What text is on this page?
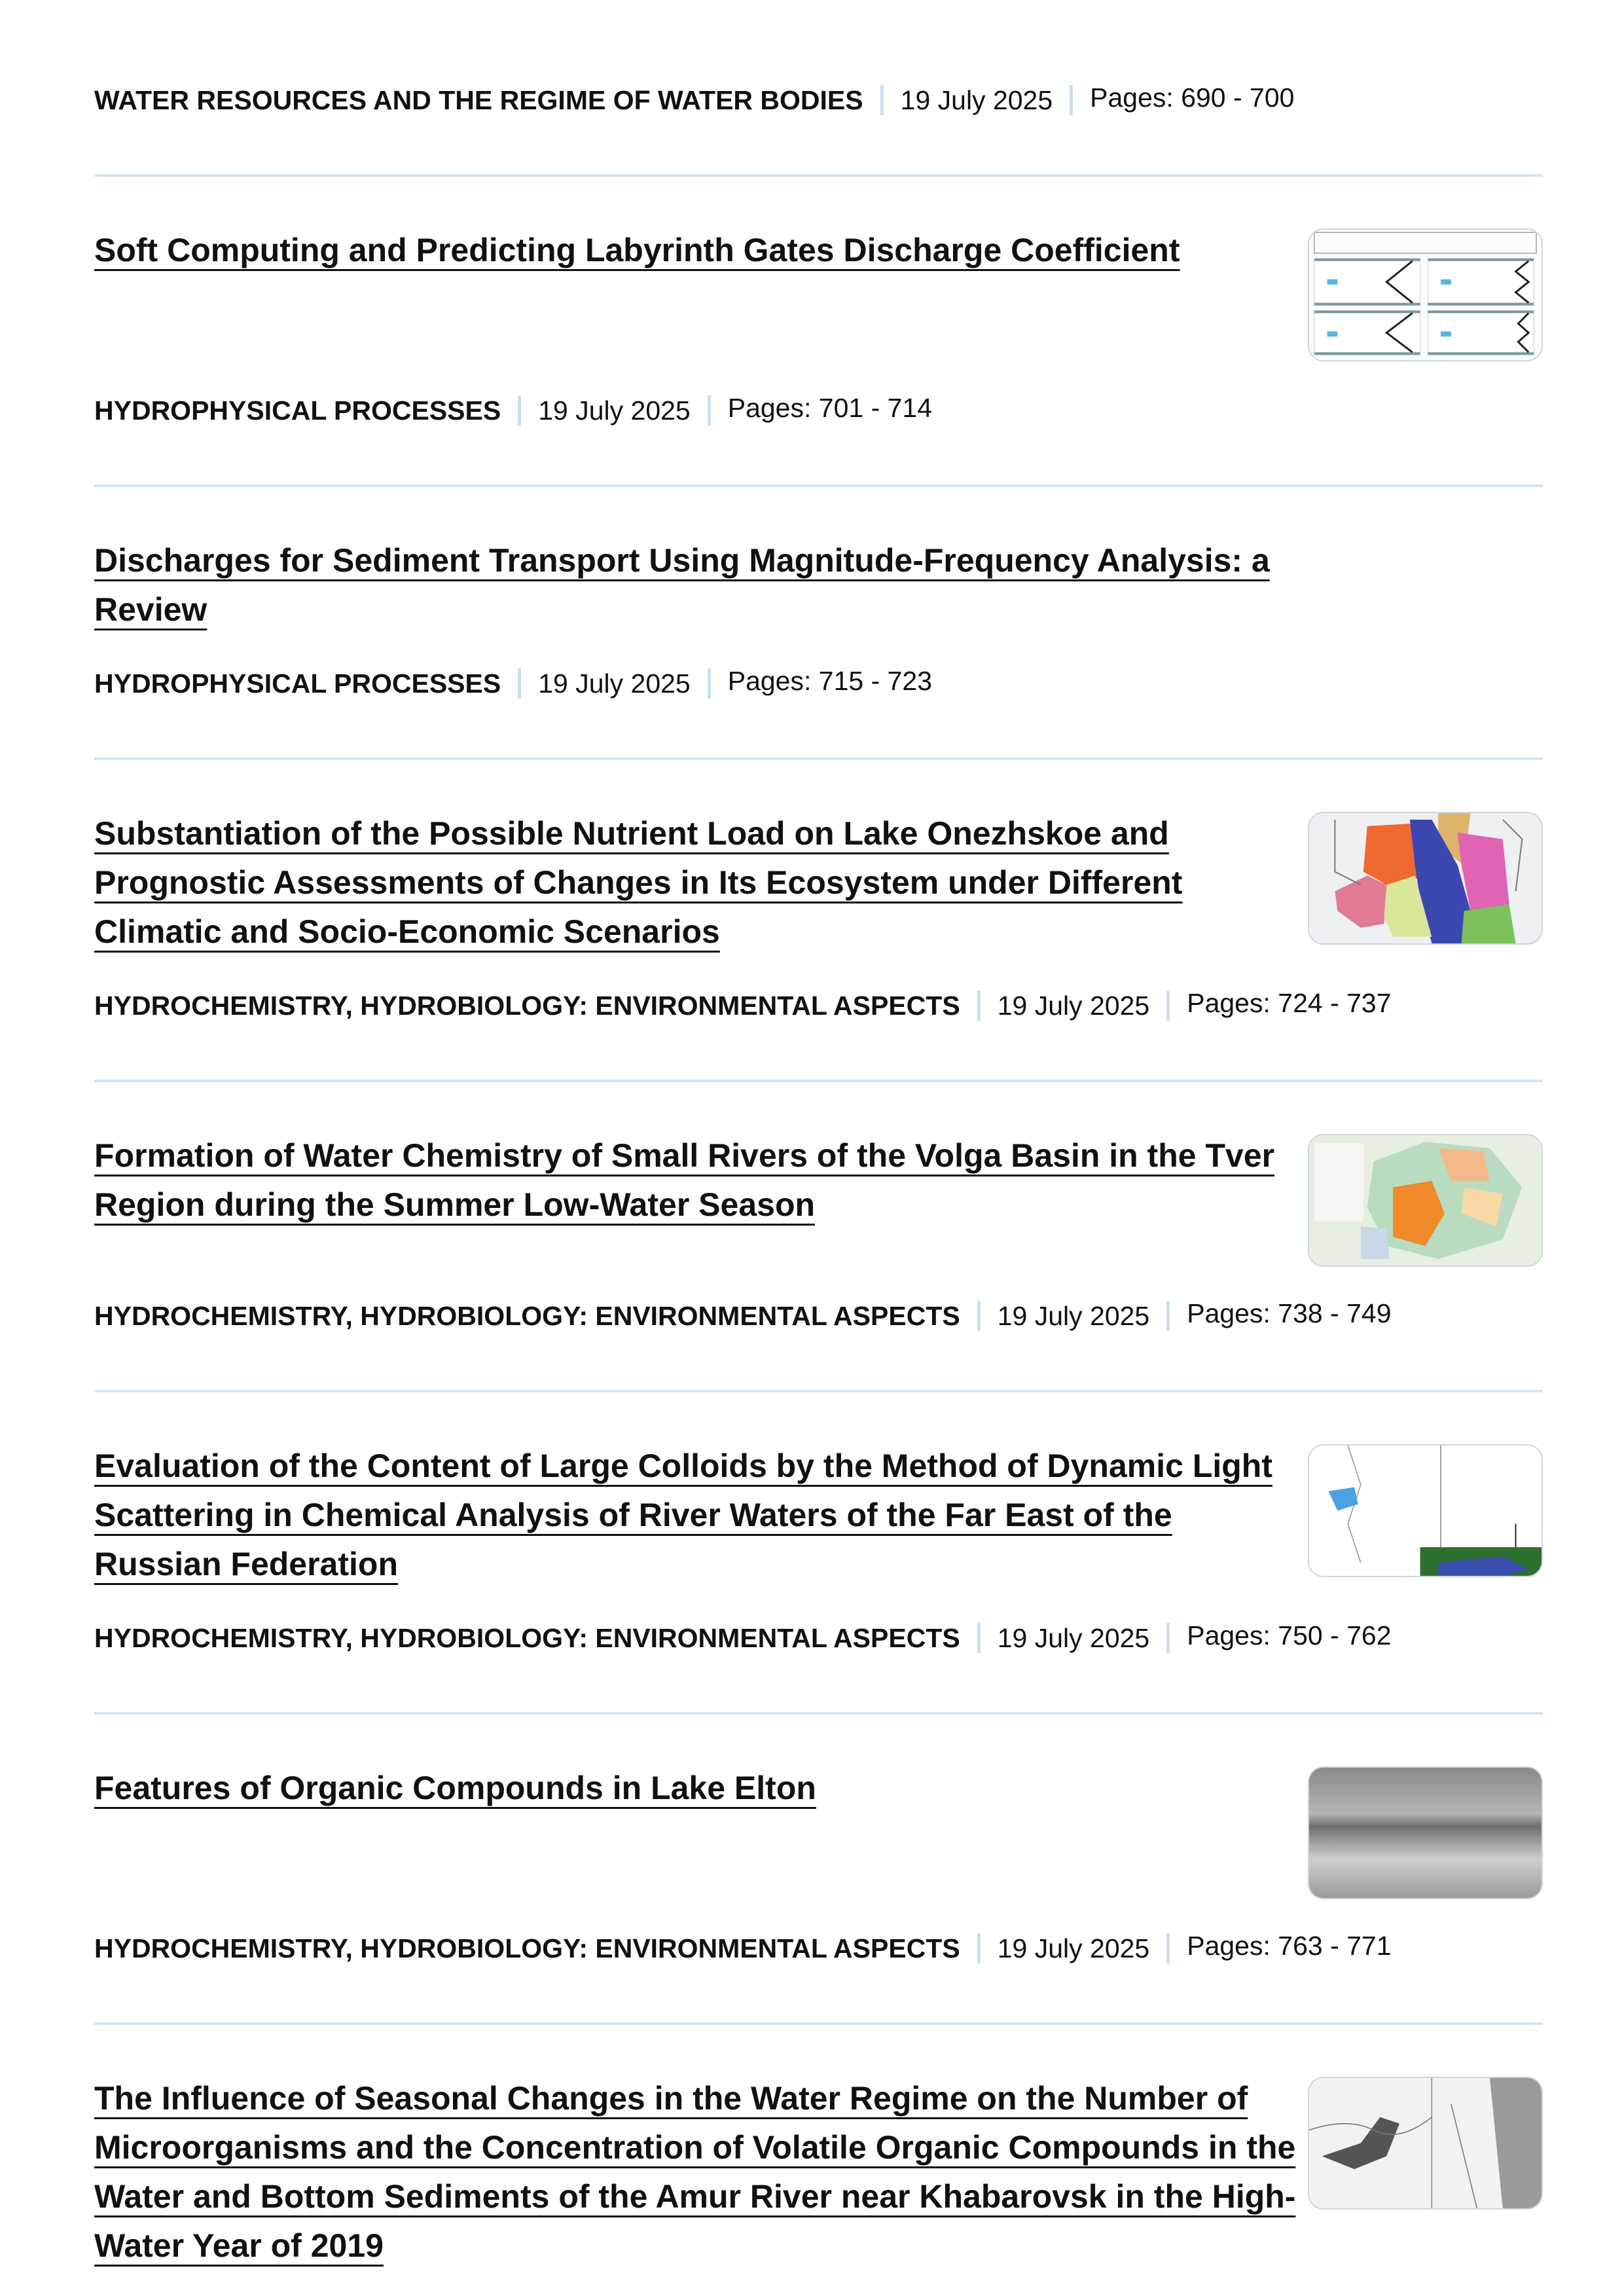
WATER RESOURCES AND THE REGIME OF WATER BODIES 19 July 2025 Pages: 690 - 700
Soft Computing and Predicting Labyrinth Gates Discharge Coefficient
HYDROPHYSICAL PROCESSES 19 July 2025 Pages: 701 - 714
Discharges for Sediment Transport Using Magnitude-Frequency Analysis: a Review
HYDROPHYSICAL PROCESSES 19 July 2025 Pages: 715 - 723
Substantiation of the Possible Nutrient Load on Lake Onezhskoe and Prognostic Assessments of Changes in Its Ecosystem under Different Climatic and Socio-Economic Scenarios
HYDROCHEMISTRY, HYDROBIOLOGY: ENVIRONMENTAL ASPECTS 19 July 2025 Pages: 724 - 737
Formation of Water Chemistry of Small Rivers of the Volga Basin in the Tver Region during the Summer Low-Water Season
HYDROCHEMISTRY, HYDROBIOLOGY: ENVIRONMENTAL ASPECTS 19 July 2025 Pages: 738 - 749
Evaluation of the Content of Large Colloids by the Method of Dynamic Light Scattering in Chemical Analysis of River Waters of the Far East of the Russian Federation
HYDROCHEMISTRY, HYDROBIOLOGY: ENVIRONMENTAL ASPECTS 19 July 2025 Pages: 750 - 762
Features of Organic Compounds in Lake Elton
HYDROCHEMISTRY, HYDROBIOLOGY: ENVIRONMENTAL ASPECTS 19 July 2025 Pages: 763 - 771
The Influence of Seasonal Changes in the Water Regime on the Number of Microorganisms and the Concentration of Volatile Organic Compounds in the Water and Bottom Sediments of the Amur River near Khabarovsk in the High-Water Year of 2019
